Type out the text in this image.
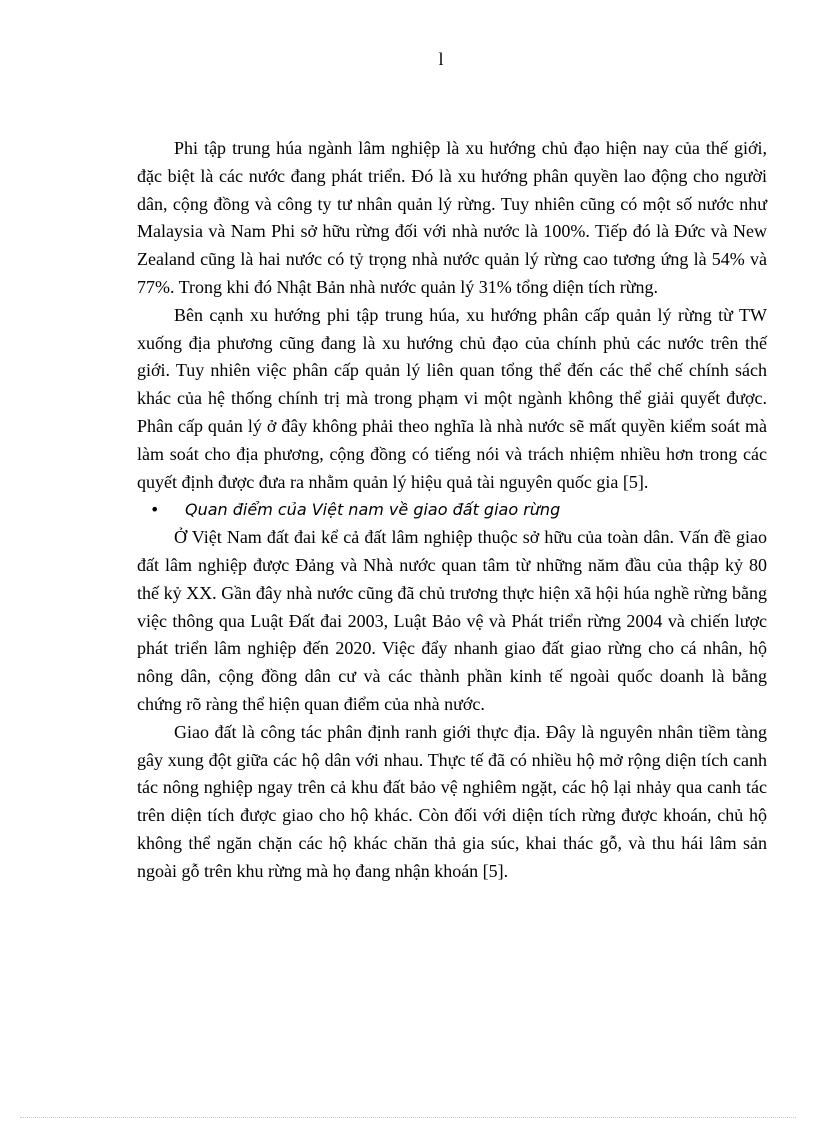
l

Phi tập trung húa ngành lâm nghiệp là xu hướng chủ đạo hiện nay của thế giới, đặc biệt là các nước đang phát triển. Đó là xu hướng phân quyền lao động cho người dân, cộng đồng và công ty tư nhân quản lý rừng. Tuy nhiên cũng có một số nước như Malaysia và Nam Phi sở hữu rừng đối với nhà nước là 100%. Tiếp đó là Đức và New Zealand cũng là hai nước có tỷ trọng nhà nước quản lý rừng cao tương ứng là 54% và 77%. Trong khi đó Nhật Bản nhà nước quản lý 31% tổng diện tích rừng.

Bên cạnh xu hướng phi tập trung húa, xu hướng phân cấp quản lý rừng từ TW xuống địa phương cũng đang là xu hướng chủ đạo của chính phủ các nước trên thế giới. Tuy nhiên việc phân cấp quản lý liên quan tổng thể đến các thể chế chính sách khác của hệ thống chính trị mà trong phạm vi một ngành không thể giải quyết được. Phân cấp quản lý ở đây không phải theo nghĩa là nhà nước sẽ mất quyền kiểm soát mà làm soát cho địa phương, cộng đồng có tiếng nói và trách nhiệm nhiều hơn trong các quyết định được đưa ra nhằm quản lý hiệu quả tài nguyên quốc gia [5].

• Quan điểm của Việt nam về giao đất giao rừng

Ở Việt Nam đất đai kể cả đất lâm nghiệp thuộc sở hữu của toàn dân. Vấn đề giao đất lâm nghiệp được Đảng và Nhà nước quan tâm từ những năm đầu của thập kỷ 80 thế kỷ XX. Gần đây nhà nước cũng đã chủ trương thực hiện xã hội húa nghề rừng bằng việc thông qua Luật Đất đai 2003, Luật Bảo vệ và Phát triển rừng 2004 và chiến lược phát triển lâm nghiệp đến 2020. Việc đẩy nhanh giao đất giao rừng cho cá nhân, hộ nông dân, cộng đồng dân cư và các thành phần kinh tế ngoài quốc doanh là bằng chứng rõ ràng thể hiện quan điểm của nhà nước.

Giao đất là công tác phân định ranh giới thực địa. Đây là nguyên nhân tiềm tàng gây xung đột giữa các hộ dân với nhau. Thực tế đã có nhiều hộ mở rộng diện tích canh tác nông nghiệp ngay trên cả khu đất bảo vệ nghiêm ngặt, các hộ lại nhảy qua canh tác trên diện tích được giao cho hộ khác. Còn đối với diện tích rừng được khoán, chủ hộ không thể ngăn chặn các hộ khác chăn thả gia súc, khai thác gỗ, và thu hái lâm sản ngoài gỗ trên khu rừng mà họ đang nhận khoán [5].
